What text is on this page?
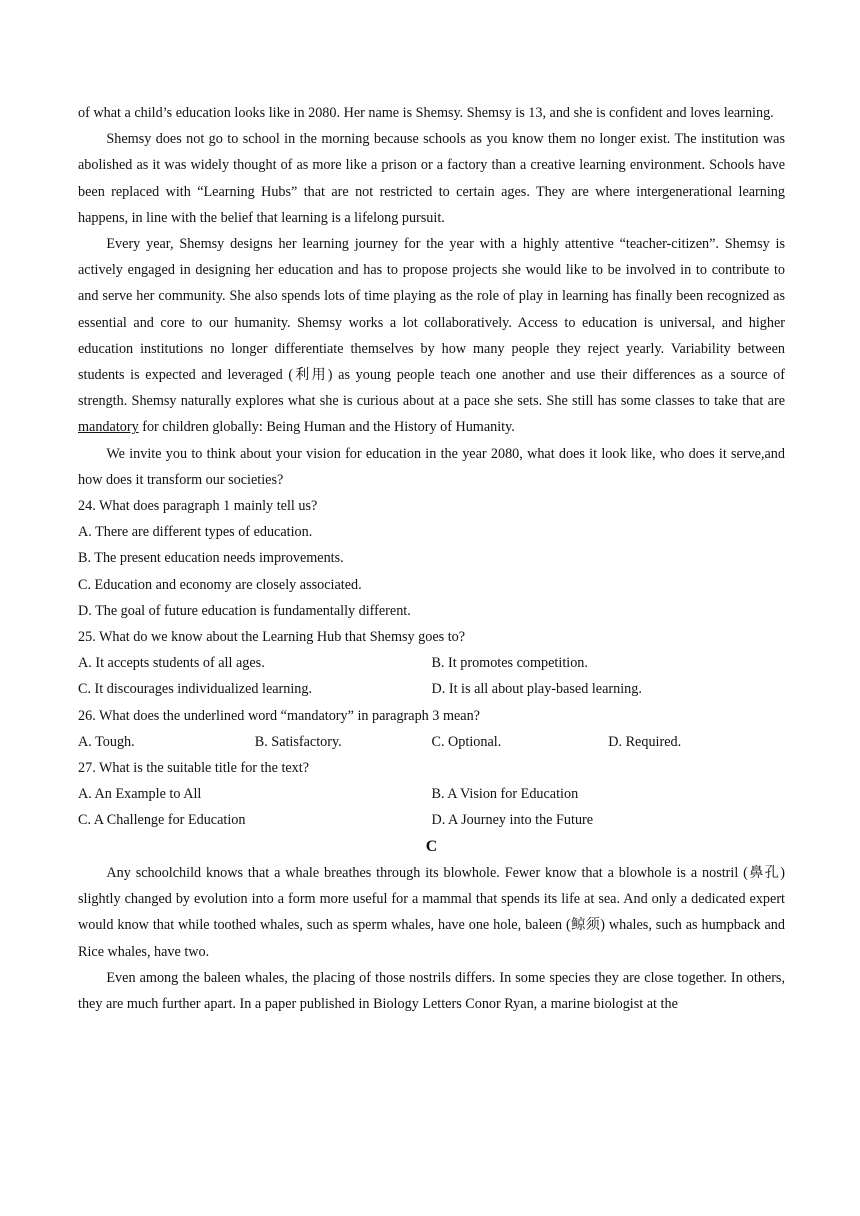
of what a child’s education looks like in 2080. Her name is Shemsy. Shemsy is 13, and she is confident and loves learning.

Shemsy does not go to school in the morning because schools as you know them no longer exist. The institution was abolished as it was widely thought of as more like a prison or a factory than a creative learning environment. Schools have been replaced with “Learning Hubs” that are not restricted to certain ages. They are where intergenerational learning happens, in line with the belief that learning is a lifelong pursuit.

Every year, Shemsy designs her learning journey for the year with a highly attentive “teacher-citizen”. Shemsy is actively engaged in designing her education and has to propose projects she would like to be involved in to contribute to and serve her community. She also spends lots of time playing as the role of play in learning has finally been recognized as essential and core to our humanity. Shemsy works a lot collaboratively. Access to education is universal, and higher education institutions no longer differentiate themselves by how many people they reject yearly. Variability between students is expected and leveraged (利用) as young people teach one another and use their differences as a source of strength. Shemsy naturally explores what she is curious about at a pace she sets. She still has some classes to take that are mandatory for children globally: Being Human and the History of Humanity.

We invite you to think about your vision for education in the year 2080, what does it look like, who does it serve,and how does it transform our societies?

24. What does paragraph 1 mainly tell us?

A. There are different types of education.

B. The present education needs improvements.

C. Education and economy are closely associated.

D. The goal of future education is fundamentally different.

25. What do we know about the Learning Hub that Shemsy goes to?

A. It accepts students of all ages.	B. It promotes competition.
C. It discourages individualized learning.	D. It is all about play-based learning.

26. What does the underlined word “mandatory” in paragraph 3 mean?

A. Tough.	B. Satisfactory.	C. Optional.	D. Required.

27. What is the suitable title for the text?

A. An Example to All	B. A Vision for Education
C. A Challenge for Education	D. A Journey into the Future

C

Any schoolchild knows that a whale breathes through its blowhole. Fewer know that a blowhole is a nostril (鼻孔) slightly changed by evolution into a form more useful for a mammal that spends its life at sea. And only a dedicated expert would know that while toothed whales, such as sperm whales, have one hole, baleen (鲸须) whales, such as humpback and Rice whales, have two.

Even among the baleen whales, the placing of those nostrils differs. In some species they are close together. In others, they are much further apart. In a paper published in Biology Letters Conor Ryan, a marine biologist at the
